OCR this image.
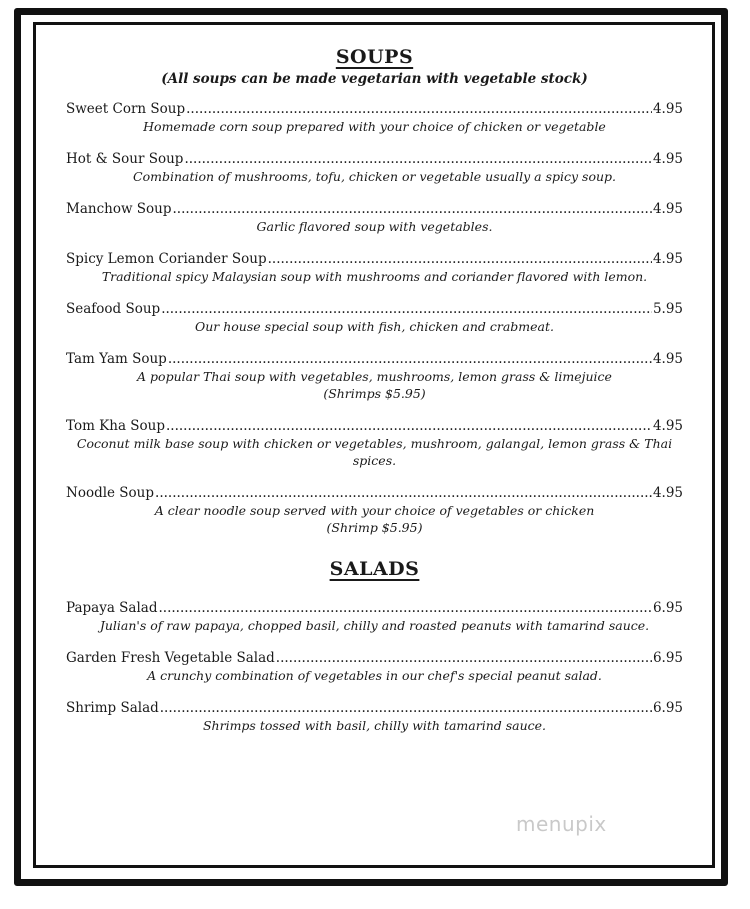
SOUPS

(All soups can be made vegetarian with vegetable stock)

Sweet Corn Soup .....	4.95
Homemade corn soup prepared with your choice of chicken or vegetable
Hot & Sour Soup .....	4.95
Combination of mushrooms, tofu, chicken or vegetable usually a spicy soup.
Manchow Soup .....	4.95
Garlic flavored soup with vegetables.
Spicy Lemon Coriander Soup .....	4.95
Traditional spicy Malaysian soup with mushrooms and coriander flavored with lemon.
Seafood Soup .....	5.95
Our house special soup with fish, chicken and crabmeat.
Tam Yam Soup .....	4.95
A popular Thai soup with vegetables, mushrooms, lemon grass & limejuice
(Shrimps $5.95)
Tom Kha Soup .....	4.95
Coconut milk base soup with chicken or vegetables, mushroom, galangal, lemon grass & Thai
spices.
Noodle Soup .....	4.95
A clear noodle soup served with your choice of vegetables or chicken
(Shrimp $5.95)
SALADS
Papaya Salad .....	6.95
Julian's of raw papaya, chopped basil, chilly and roasted peanuts with tamarind sauce.
Garden Fresh Vegetable Salad .....	6.95
A crunchy combination of vegetables in our chef's special peanut salad.
Shrimp Salad .....	6.95
Shrimps tossed with basil, chilly with tamarind sauce.
menupix
